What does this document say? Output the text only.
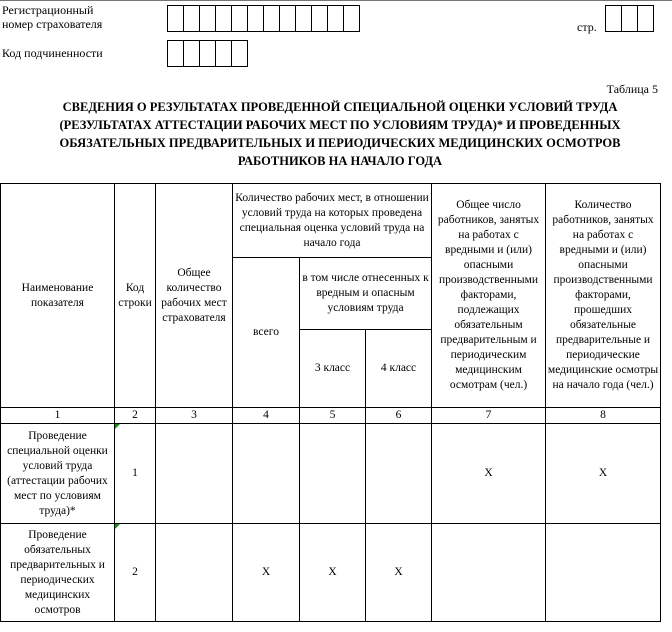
Регистрационный
номер страхователя	стр.
Код подчиненности
Таблица 5
СВЕДЕНИЯ О РЕЗУЛЬТАТАХ ПРОВЕДЕННОЙ СПЕЦИАЛЬНОЙ ОЦЕНКИ УСЛОВИЙ ТРУДА
(РЕЗУЛЬТАТАХ АТТЕСТАЦИИ РАБОЧИХ МЕСТ ПО УСЛОВИЯМ ТРУДА)* И ПРОВЕДЕННЫХ
ОБЯЗАТЕЛЬНЫХ ПРЕДВАРИТЕЛЬНЫХ И ПЕРИОДИЧЕСКИХ МЕДИЦИНСКИХ ОСМОТРОВ
РАБОТНИКОВ НА НАЧАЛО ГОДА
Наименование показателя	Код строки	Общее количество рабочих мест страхователя	Количество рабочих мест, в отношении условий труда на которых проведена специальная оценка условий труда на начало года			Общее число работников, занятых на работах с вредными и (или) опасными производственными факторами, подлежащих обязательным предварительным и периодическим медицинским осмотрам (чел.)	Количество работников, занятых на работах с вредными и (или) опасными производственными факторами, прошедших обязательные предварительные и периодические медицинские осмотры на начало года (чел.)
			всего	в том числе отнесенных к вредным и опасным условиям труда			
				3 класс	4 класс		
1	2	3	4	5	6	7	8
Проведение специальной оценки условий труда (аттестации рабочих мест по условиям труда)*	1					X	X
Проведение обязательных предварительных и периодических медицинских осмотров	2		X	X	X		
